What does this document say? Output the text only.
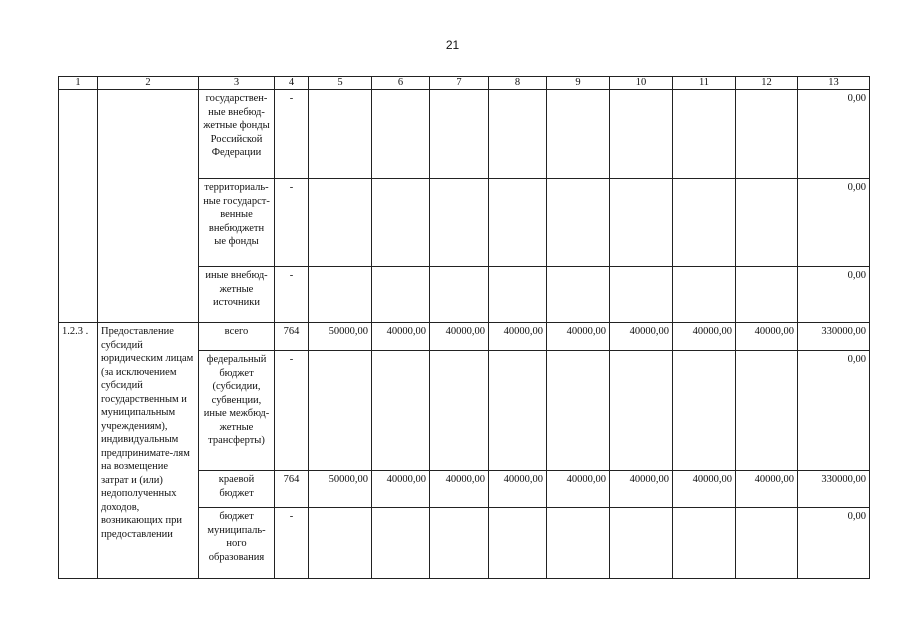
21
1	2	3	4	5	6	7	8	9	10	11	12	13
		государствен-ные внебюд-жетные фонды Российской Федерации	-									0,00
		территориаль-ные государст-венные внебюджетн ые фонды	-									0,00
		иные внебюд-жетные источники	-									0,00
1.2.3 .	Предоставление субсидий юридическим лицам (за исключением субсидий государственным и муниципальным учреждениям), индивидуальным предпринимате-лям на возмещение затрат и (или) недополученных доходов, возникающих при предоставлении	всего	764	50000,00	40000,00	40000,00	40000,00	40000,00	40000,00	40000,00	40000,00	330000,00
		федеральный бюджет (субсидии, субвенции, иные межбюд-жетные трансферты)	-									0,00
		краевой бюджет	764	50000,00	40000,00	40000,00	40000,00	40000,00	40000,00	40000,00	40000,00	330000,00
		бюджет муниципаль-ного образования	-									0,00
